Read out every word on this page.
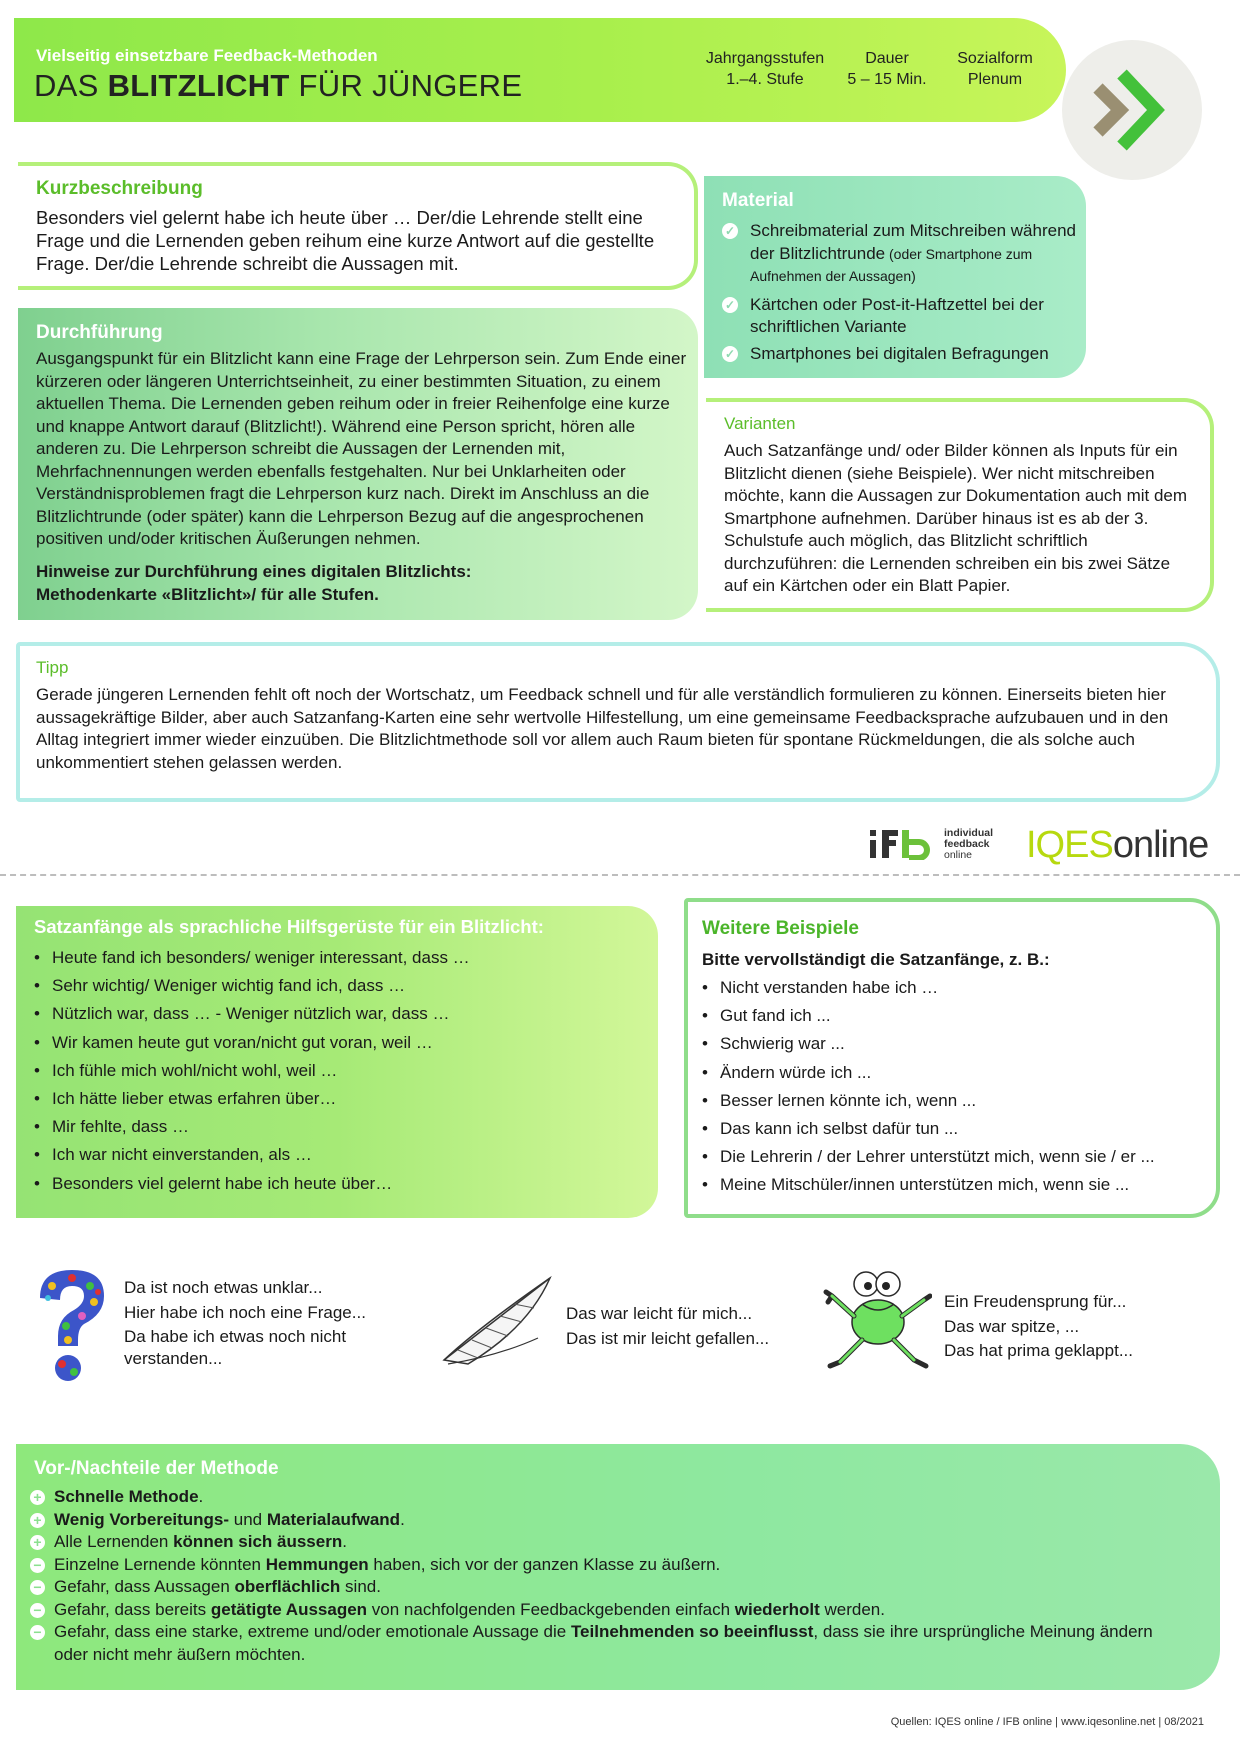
Vielseitig einsetzbare Feedback-Methoden
DAS BLITZLICHT FÜR JÜNGERE
Jahrgangsstufen
1.–4. Stufe
Dauer
5 – 15 Min.
Sozialform
Plenum
Kurzbeschreibung
Besonders viel gelernt habe ich heute über … Der/die Lehrende stellt eine Frage und die Lernenden geben reihum eine kurze Antwort auf die gestellte Frage. Der/die Lehrende schreibt die Aussagen mit.
Durchführung
Ausgangspunkt für ein Blitzlicht kann eine Frage der Lehrperson sein. Zum Ende einer kürzeren oder längeren Unterrichtseinheit, zu einer bestimmten Situation, zu einem aktuellen Thema. Die Lernenden geben reihum oder in freier Reihenfolge eine kurze und knappe Antwort darauf (Blitzlicht!). Während eine Person spricht, hören alle anderen zu. Die Lehrperson schreibt die Aussagen der Lernenden mit, Mehrfachnennungen werden ebenfalls festgehalten. Nur bei Unklarheiten oder Verständnisproblemen fragt die Lehrperson kurz nach. Direkt im Anschluss an die Blitzlichtrunde (oder später) kann die Lehrperson Bezug auf die angesprochenen positiven und/oder kritischen Äußerungen nehmen.
Hinweise zur Durchführung eines digitalen Blitzlichts:
Methodenkarte «Blitzlicht»/ für alle Stufen.
Material
✓ Schreibmaterial zum Mitschreiben während der Blitzlichtrunde (oder Smartphone zum Aufnehmen der Aussagen)
✓ Kärtchen oder Post-it-Haftzettel bei der schriftlichen Variante
✓ Smartphones bei digitalen Befragungen
Varianten
Auch Satzanfänge und/ oder Bilder können als Inputs für ein Blitzlicht dienen (siehe Beispiele). Wer nicht mitschreiben möchte, kann die Aussagen zur Dokumentation auch mit dem Smartphone aufnehmen. Darüber hinaus ist es ab der 3. Schulstufe auch möglich, das Blitzlicht schriftlich durchzuführen: die Lernenden schreiben ein bis zwei Sätze auf ein Kärtchen oder ein Blatt Papier.
Tipp
Gerade jüngeren Lernenden fehlt oft noch der Wortschatz, um Feedback schnell und für alle verständlich formulieren zu können. Einerseits bieten hier aussagekräftige Bilder, aber auch Satzanfang-Karten eine sehr wertvolle Hilfestellung, um eine gemeinsame Feedbacksprache aufzubauen und in den Alltag integriert immer wieder einzuüben. Die Blitzlichtmethode soll vor allem auch Raum bieten für spontane Rückmeldungen, die als solche auch unkommentiert stehen gelassen werden.
individual
feedback
online	IQESonline
Satzanfänge als sprachliche Hilfsgerüste für ein Blitzlicht:
• Heute fand ich besonders/ weniger interessant, dass …
• Sehr wichtig/ Weniger wichtig fand ich, dass …
• Nützlich war, dass … - Weniger nützlich war, dass …
• Wir kamen heute gut voran/nicht gut voran, weil …
• Ich fühle mich wohl/nicht wohl, weil …
• Ich hätte lieber etwas erfahren über…
• Mir fehlte, dass …
• Ich war nicht einverstanden, als …
• Besonders viel gelernt habe ich heute über…
Weitere Beispiele
Bitte vervollständigt die Satzanfänge, z. B.:
• Nicht verstanden habe ich …
• Gut fand ich ...
• Schwierig war ...
• Ändern würde ich ...
• Besser lernen könnte ich, wenn ...
• Das kann ich selbst dafür tun ...
• Die Lehrerin / der Lehrer unterstützt mich, wenn sie / er ...
• Meine Mitschüler/innen unterstützen mich, wenn sie ...
Da ist noch etwas unklar...
Hier habe ich noch eine Frage...
Da habe ich etwas noch nicht
verstanden...
Das war leicht für mich...
Das ist mir leicht gefallen...
Ein Freudensprung für...
Das war spitze, ...
Das hat prima geklappt...
Vor-/Nachteile der Methode
+ Schnelle Methode.
+ Wenig Vorbereitungs- und Materialaufwand.
+ Alle Lernenden können sich äussern.
− Einzelne Lernende könnten Hemmungen haben, sich vor der ganzen Klasse zu äußern.
− Gefahr, dass Aussagen oberflächlich sind.
− Gefahr, dass bereits getätigte Aussagen von nachfolgenden Feedbackgebenden einfach wiederholt werden.
− Gefahr, dass eine starke, extreme und/oder emotionale Aussage die Teilnehmenden so beeinflusst, dass sie ihre ursprüngliche Meinung ändern oder nicht mehr äußern möchten.
Quellen: IQES online / IFB online | www.iqesonline.net | 08/2021
